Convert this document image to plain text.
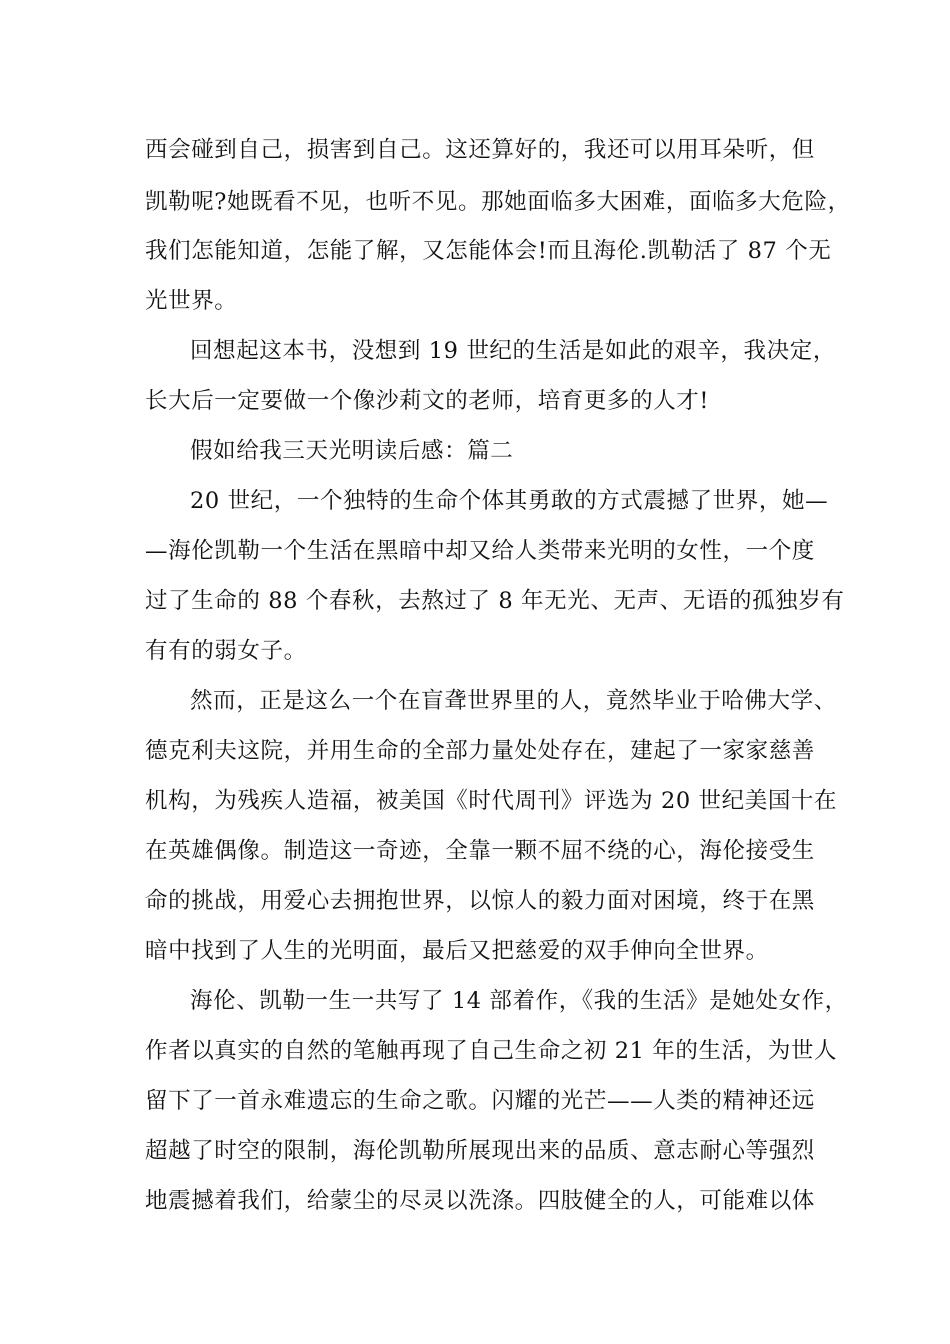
西会碰到自己，损害到自己。这还算好的，我还可以用耳朵听，但
凯勒呢?她既看不见，也听不见。那她面临多大困难，面临多大危险，
我们怎能知道，怎能了解，又怎能体会!而且海伦.凯勒活了 87 个无
光世界。
回想起这本书，没想到 19 世纪的生活是如此的艰辛，我决定，
长大后一定要做一个像沙莉文的老师，培育更多的人才!
假如给我三天光明读后感：篇二
20 世纪，一个独特的生命个体其勇敢的方式震撼了世界，她—
—海伦凯勒一个生活在黑暗中却又给人类带来光明的女性，一个度
过了生命的 88 个春秋，去熬过了 8 年无光、无声、无语的孤独岁有
有有的弱女子。
然而，正是这么一个在盲聋世界里的人，竟然毕业于哈佛大学、
德克利夫这院，并用生命的全部力量处处存在，建起了一家家慈善
机构，为残疾人造福，被美国《时代周刊》评选为 20 世纪美国十在
在英雄偶像。制造这一奇迹，全靠一颗不屈不绕的心，海伦接受生
命的挑战，用爱心去拥抱世界，以惊人的毅力面对困境，终于在黑
暗中找到了人生的光明面，最后又把慈爱的双手伸向全世界。
海伦、凯勒一生一共写了 14 部着作，《我的生活》是她处女作，
作者以真实的自然的笔触再现了自己生命之初 21 年的生活，为世人
留下了一首永难遗忘的生命之歌。闪耀的光芒——人类的精神还远
超越了时空的限制，海伦凯勒所展现出来的品质、意志耐心等强烈
地震撼着我们，给蒙尘的尽灵以洗涤。四肢健全的人，可能难以体
